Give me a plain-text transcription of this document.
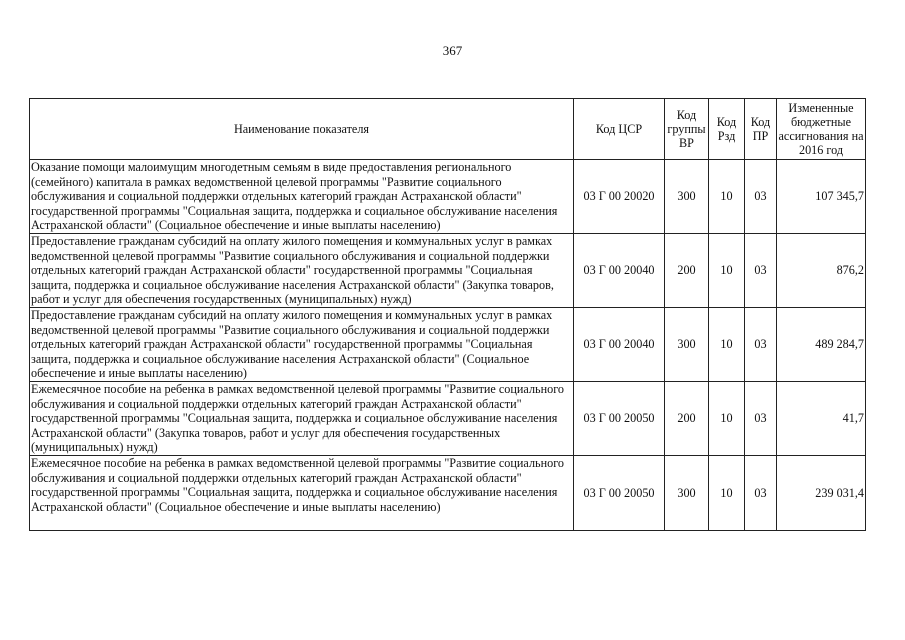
367
Наименование показателя	Код ЦСР	Код группы ВР	Код Рзд	Код ПР	Измененные бюджетные ассигнования на 2016 год
Оказание помощи малоимущим многодетным семьям в виде предоставления регионального (семейного) капитала в рамках ведомственной целевой программы "Развитие социального обслуживания и социальной поддержки отдельных категорий граждан Астраханской области" государственной программы "Социальная защита, поддержка и социальное обслуживание населения Астраханской области" (Социальное обеспечение и иные выплаты населению)	03 Г 00 20020	300	10	03	107 345,7
Предоставление гражданам субсидий на оплату жилого помещения и коммунальных услуг в рамках ведомственной целевой программы "Развитие социального обслуживания и социальной поддержки отдельных категорий граждан Астраханской области" государственной программы "Социальная защита, поддержка и социальное обслуживание населения Астраханской области" (Закупка товаров, работ и услуг для обеспечения государственных (муниципальных) нужд)	03 Г 00 20040	200	10	03	876,2
Предоставление гражданам субсидий на оплату жилого помещения и коммунальных услуг в рамках ведомственной целевой программы "Развитие социального обслуживания и социальной поддержки отдельных категорий граждан Астраханской области" государственной программы "Социальная защита, поддержка и социальное обслуживание населения Астраханской области" (Социальное обеспечение и иные выплаты населению)	03 Г 00 20040	300	10	03	489 284,7
Ежемесячное пособие на ребенка в рамках ведомственной целевой программы "Развитие социального обслуживания и социальной поддержки отдельных категорий граждан Астраханской области" государственной программы "Социальная защита, поддержка и социальное обслуживание населения Астраханской области" (Закупка товаров, работ и услуг для обеспечения государственных (муниципальных) нужд)	03 Г 00 20050	200	10	03	41,7
Ежемесячное пособие на ребенка в рамках ведомственной целевой программы "Развитие социального обслуживания и социальной поддержки отдельных категорий граждан Астраханской области" государственной программы "Социальная защита, поддержка и социальное обслуживание населения Астраханской области" (Социальное обеспечение и иные выплаты населению)	03 Г 00 20050	300	10	03	239 031,4
